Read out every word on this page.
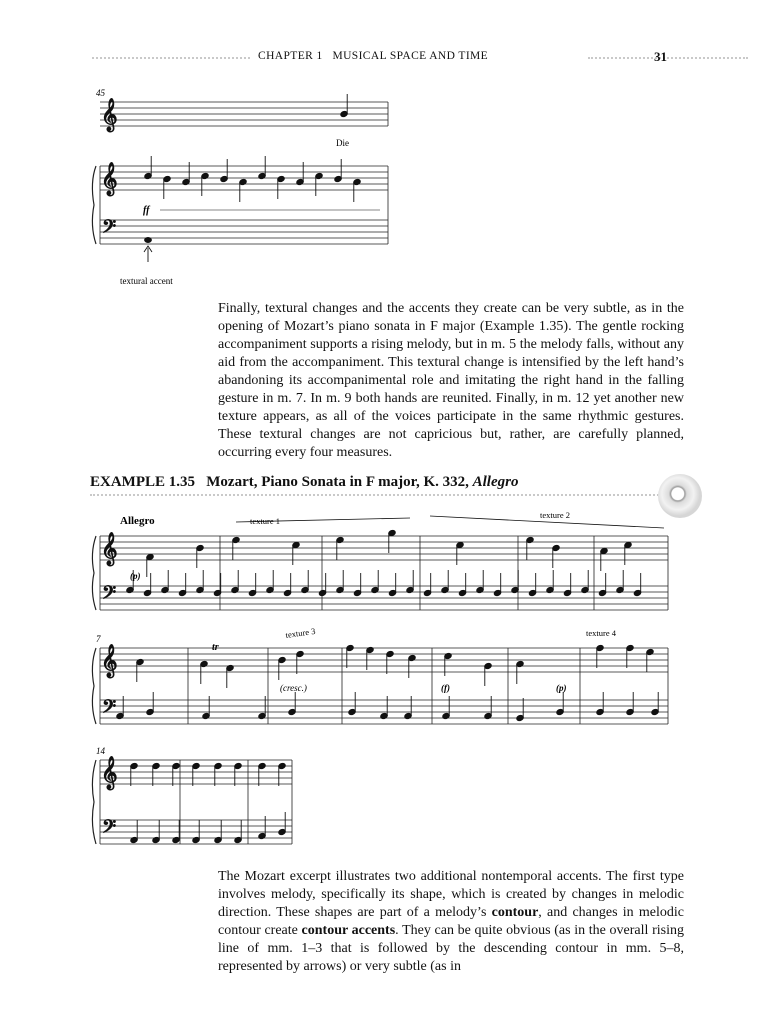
CHAPTER 1   MUSICAL SPACE AND TIME	31
𝄞
𝄞
𝄢
𝄞
𝄢
𝄞
𝄢
𝄞
𝄢
45
Die
ff
textural accent
Allegro	texture 1
texture 2
texture 3	texture 4
(p)
(cresc.)	(f)	(p)
tr
7
14

Finally, textural changes and the accents they create can be very subtle, as in the opening of Mozart’s piano sonata in F major (Example 1.35). The gentle rocking accompaniment supports a rising melody, but in m. 5 the melody falls, without any aid from the accompaniment. This textural change is intensified by the left hand’s abandoning its accompanimental role and imitating the right hand in the falling gesture in m. 7. In m. 9 both hands are reunited. Finally, in m. 12 yet another new texture appears, as all of the voices participate in the same rhythmic gestures. These textural changes are not capricious but, rather, are carefully planned, occurring every four measures.

EXAMPLE 1.35 Mozart, Piano Sonata in F major, K. 332, Allegro

The Mozart excerpt illustrates two additional nontemporal accents. The first type involves melody, specifically its shape, which is created by changes in melodic direction. These shapes are part of a melody’s contour, and changes in melodic contour create contour accents. They can be quite obvious (as in the overall rising line of mm. 1–3 that is followed by the descending contour in mm. 5–8, represented by arrows) or very subtle (as in
